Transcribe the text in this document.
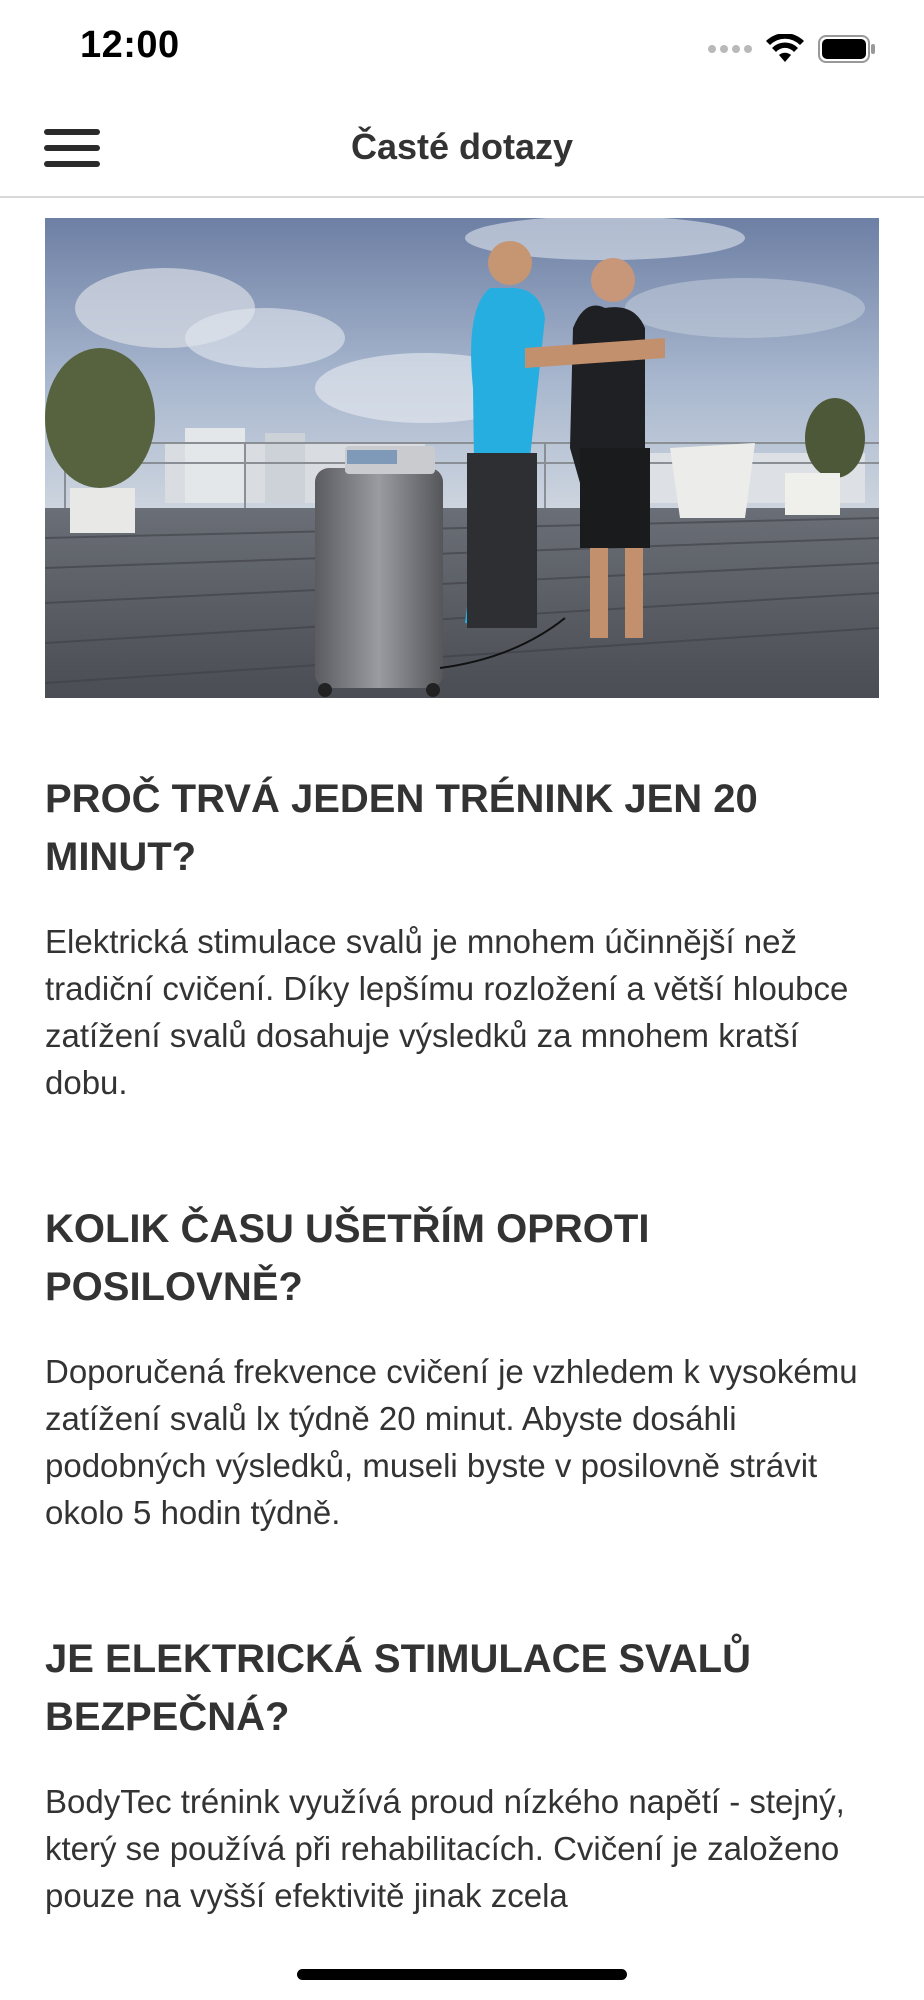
12:00
Časté dotazy
PROČ TRVÁ JEDEN TRÉNINK JEN 20 MINUT?

Elektrická stimulace svalů je mnohem účinnější než tradiční cvičení. Díky lepšímu rozložení a větší hloubce zatížení svalů dosahuje výsledků za mnohem kratší dobu.

KOLIK ČASU UŠETŘÍM OPROTI POSILOVNĚ?

Doporučená frekvence cvičení je vzhledem k vysokému zatížení svalů lx týdně 20 minut. Abyste dosáhli podobných výsledků, museli byste v posilovně strávit okolo 5 hodin týdně.

JE ELEKTRICKÁ STIMULACE SVALŮ BEZPEČNÁ?

BodyTec trénink využívá proud nízkého napětí - stejný, který se používá při rehabilitacích. Cvičení je založeno pouze na vyšší efektivitě jinak zcela
